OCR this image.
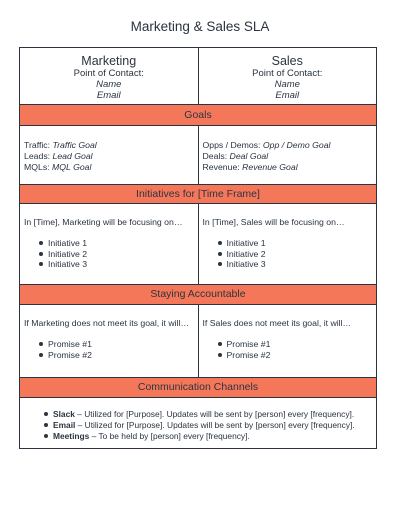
Marketing & Sales SLA
Marketing
Point of Contact:
Name
Email
Sales
Point of Contact:
Name
Email
Goals
Traffic: Traffic Goal
Leads: Lead Goal
MQLs: MQL Goal
Opps / Demos: Opp / Demo Goal
Deals: Deal Goal
Revenue: Revenue Goal
Initiatives for [Time Frame]
In [Time], Marketing will be focusing on…
Initiative 1
Initiative 2
Initiative 3
In [Time], Sales will be focusing on…
Initiative 1
Initiative 2
Initiative 3
Staying Accountable
If Marketing does not meet its goal, it will…
Promise #1
Promise #2
If Sales does not meet its goal, it will…
Promise #1
Promise #2
Communication Channels
Slack – Utilized for [Purpose]. Updates will be sent by [person] every [frequency].
Email – Utilized for [Purpose]. Updates will be sent by [person] every [frequency].
Meetings – To be held by [person] every [frequency].
